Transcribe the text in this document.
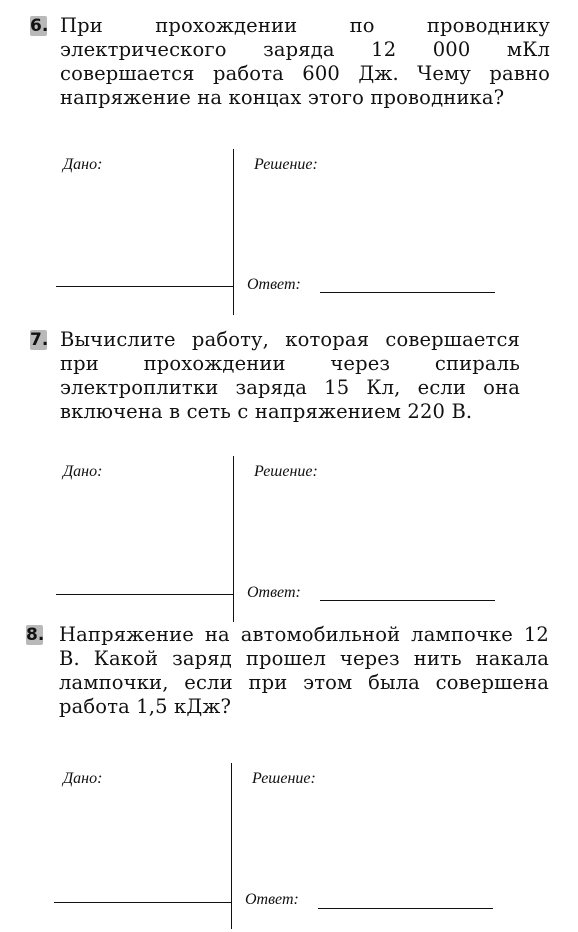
6. При прохождении по проводнику электрического заряда 12 000 мКл совершается работа 600 Дж. Чему равно напряжение на концах этого проводника?

Дано:	Решение:
Ответ:
7. Вычислите работу, которая совершается при прохождении через спираль электроплитки заряда 15 Кл, если она включена в сеть с напряжением 220 В.

Дано:	Решение:
Ответ:
8. Напряжение на автомобильной лампочке 12 В. Какой заряд прошел через нить накала лампочки, если при этом была совершена работа 1,5 кДж?

Дано:	Решение:
Ответ:
